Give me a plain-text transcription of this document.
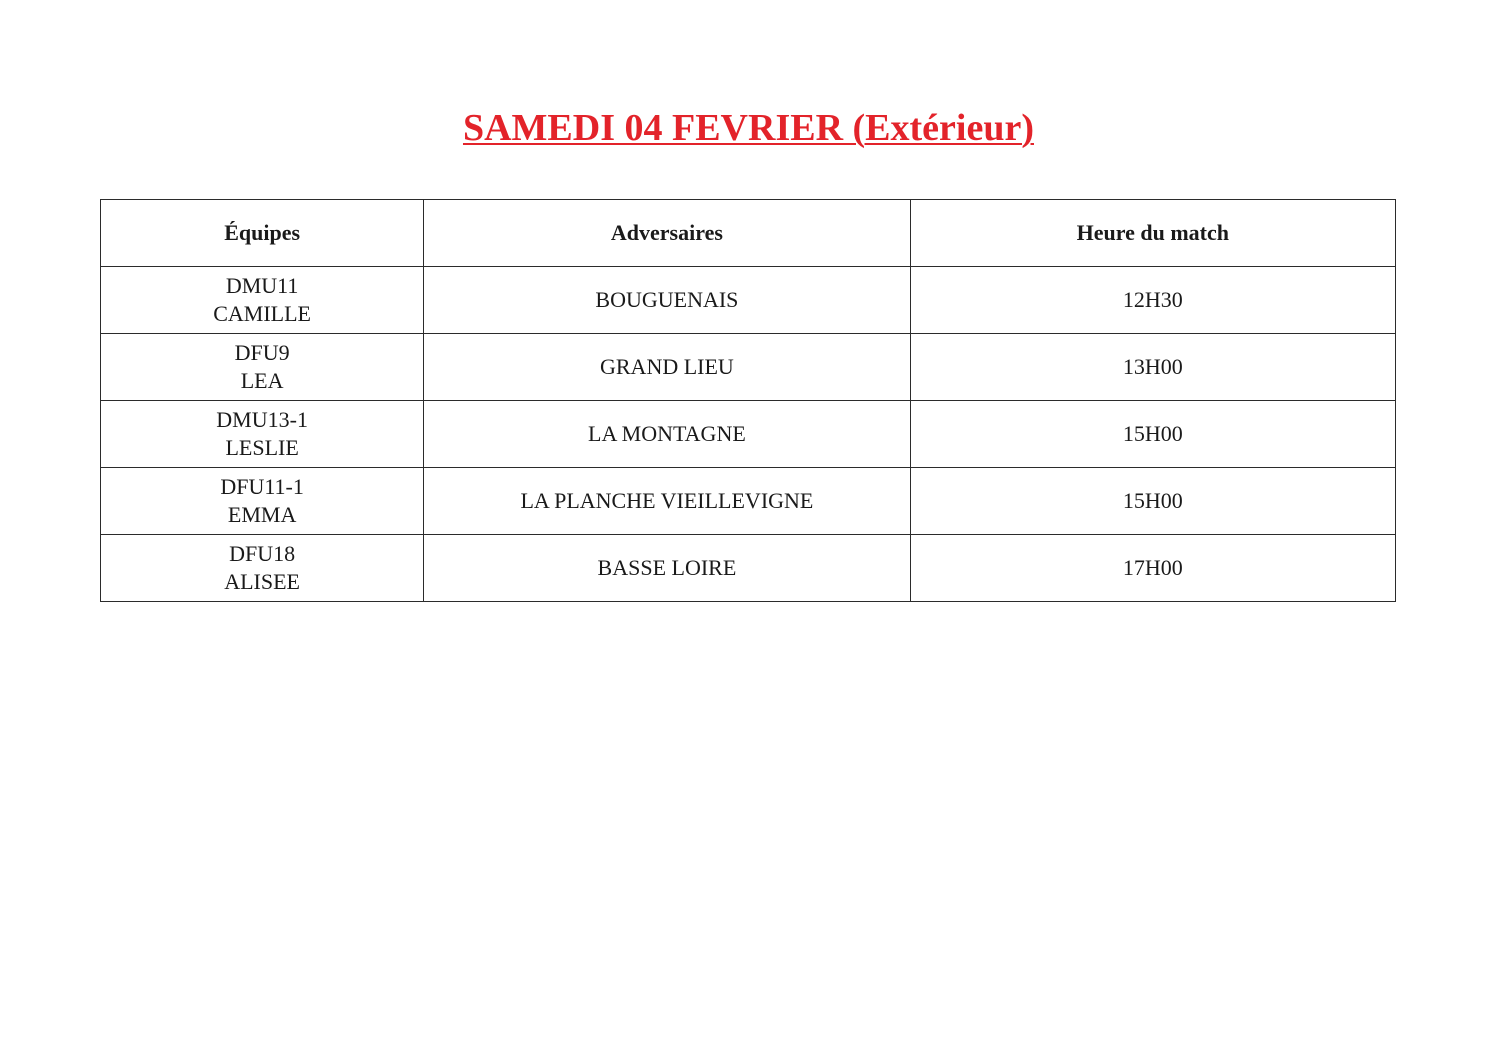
SAMEDI 04 FEVRIER (Extérieur)
Équipes	Adversaires	Heure du match

DMU11
CAMILLE	BOUGUENAIS	12H30

DFU9
LEA	GRAND LIEU	13H00

DMU13-1
LESLIE	LA MONTAGNE	15H00

DFU11-1
EMMA	LA PLANCHE VIEILLEVIGNE	15H00

DFU18
ALISEE	BASSE LOIRE	17H00
